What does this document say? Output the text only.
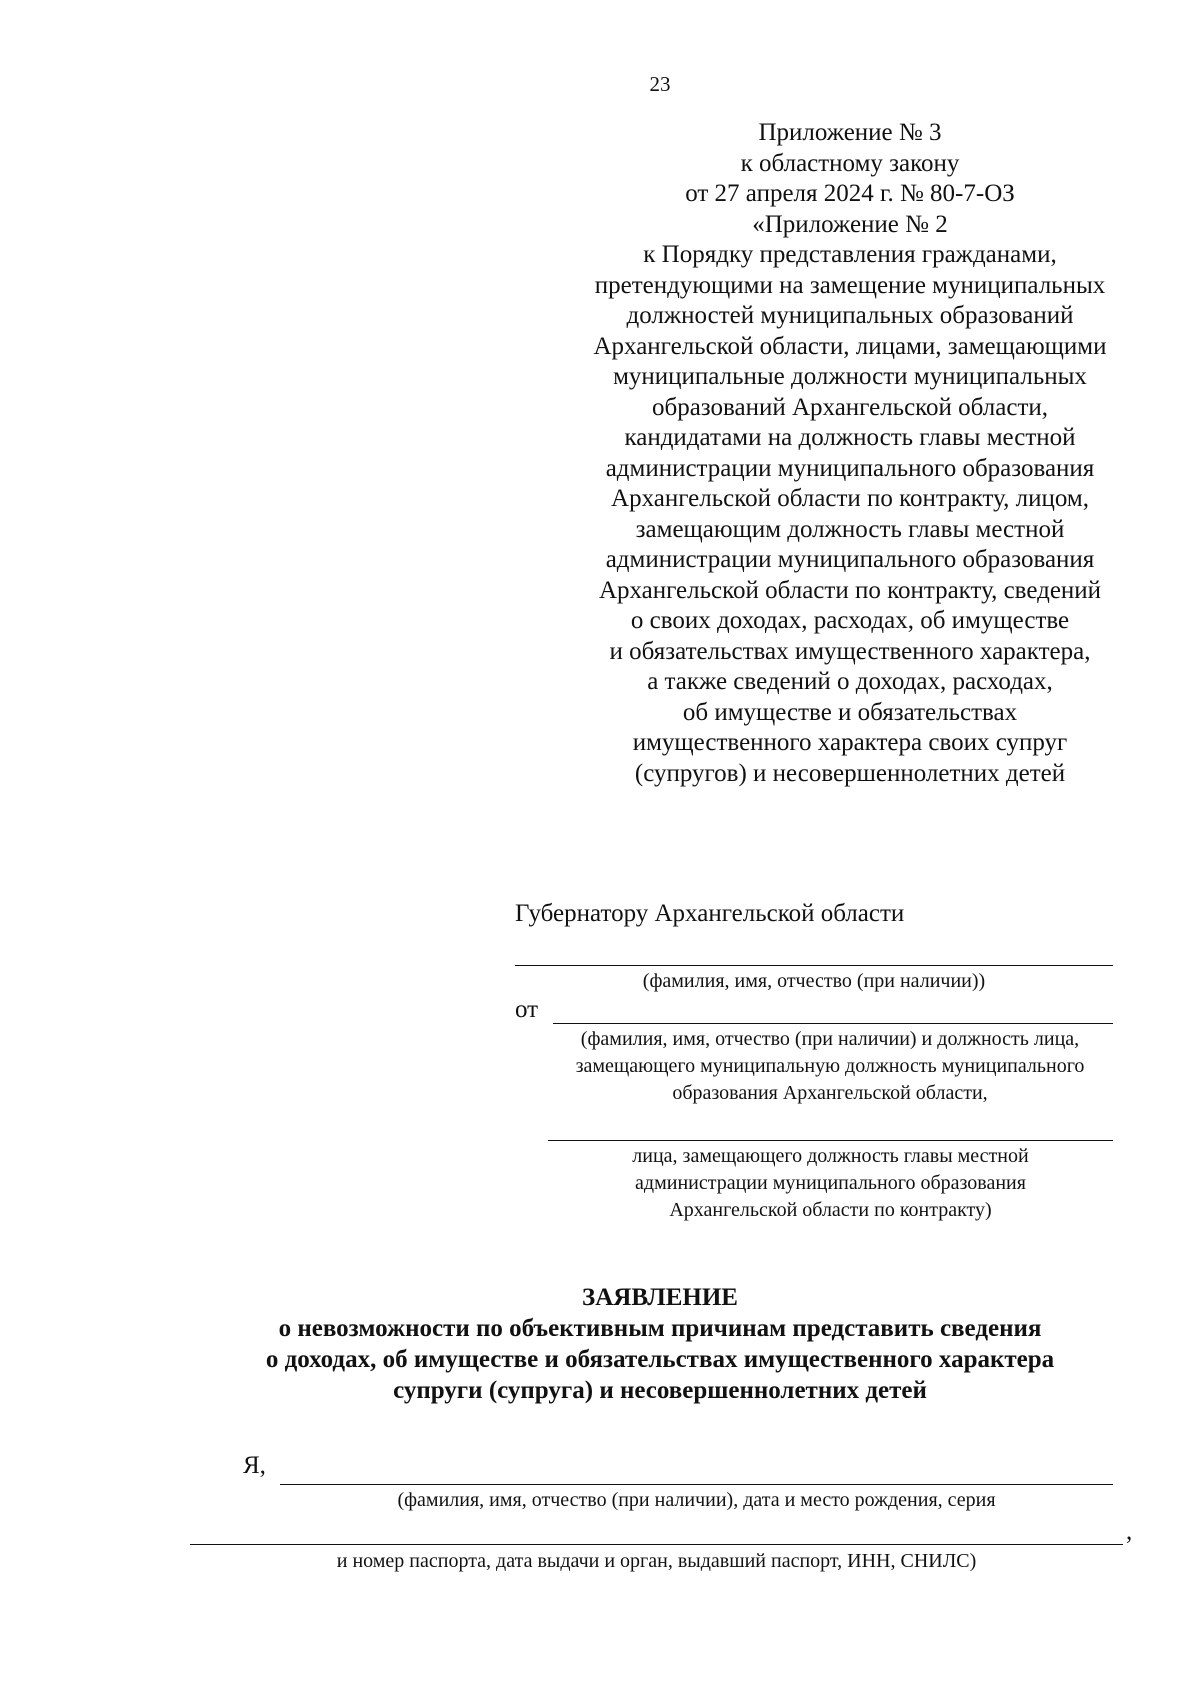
23
Приложение № 3
к областному закону
от 27 апреля 2024 г. № 80-7-ОЗ
«Приложение № 2
к Порядку представления гражданами,
претендующими на замещение муниципальных
должностей муниципальных образований
Архангельской области, лицами, замещающими
муниципальные должности муниципальных
образований Архангельской области,
кандидатами на должность главы местной
администрации муниципального образования
Архангельской области по контракту, лицом,
замещающим должность главы местной
администрации муниципального образования
Архангельской области по контракту, сведений
о своих доходах, расходах, об имуществе
и обязательствах имущественного характера,
а также сведений о доходах, расходах,
об имуществе и обязательствах
имущественного характера своих супруг
(супругов) и несовершеннолетних детей
Губернатору Архангельской области
(фамилия, имя, отчество (при наличии))
от
(фамилия, имя, отчество (при наличии) и должность лица,
замещающего муниципальную должность муниципального
образования Архангельской области,
лица, замещающего должность главы местной
администрации муниципального образования
Архангельской области по контракту)
ЗАЯВЛЕНИЕ
о невозможности по объективным причинам представить сведения
о доходах, об имуществе и обязательствах имущественного характера
супруги (супруга) и несовершеннолетних детей
Я,
(фамилия, имя, отчество (при наличии), дата и место рождения, серия
,
и номер паспорта, дата выдачи и орган, выдавший паспорт, ИНН, СНИЛС)
